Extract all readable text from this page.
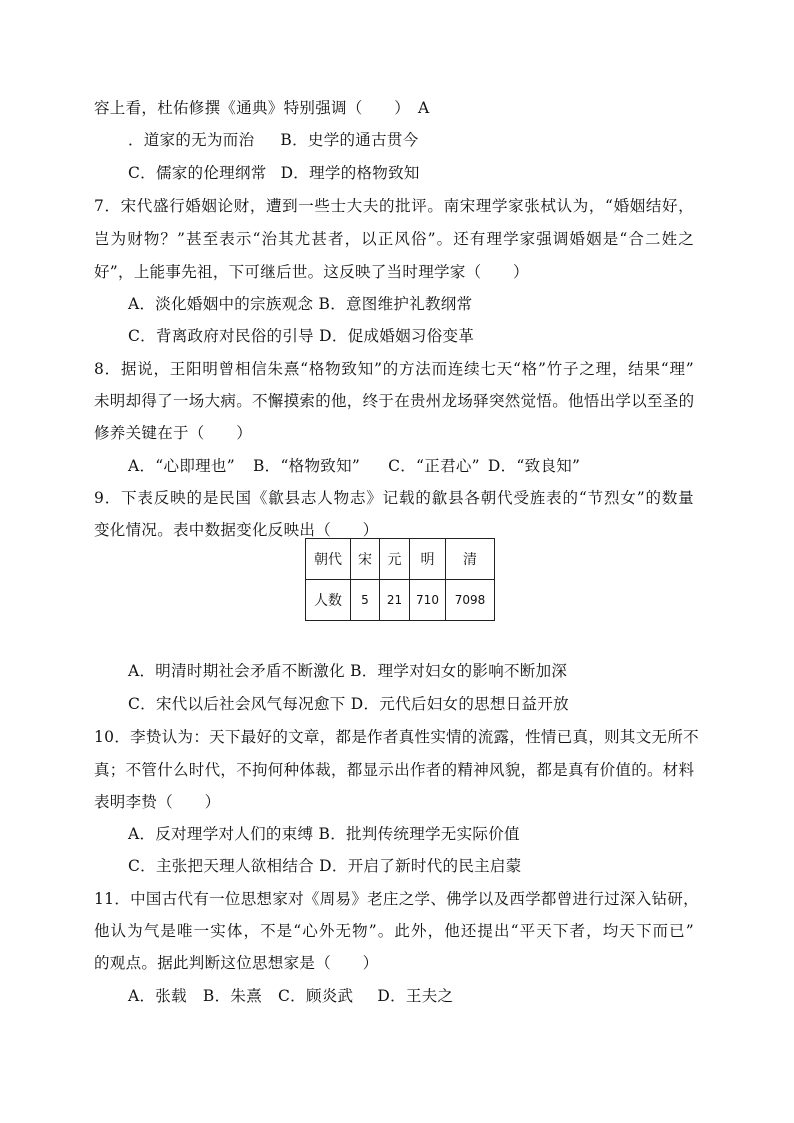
容上看，杜佑修撰《通典》特别强调（　　）　A
．道家的无为而治 B．史学的通古贯今
C．儒家的伦理纲常 D．理学的格物致知
7．宋代盛行婚姻论财，遭到一些士大夫的批评。南宋理学家张栻认为，“婚姻结好，
岂为财物？”甚至表示“治其尤甚者，以正风俗”。还有理学家强调婚姻是“合二姓之
好”，上能事先祖，下可继后世。这反映了当时理学家（　　）
A．淡化婚姻中的宗族观念 B．意图维护礼教纲常
C．背离政府对民俗的引导 D．促成婚姻习俗变革
8．据说，王阳明曾相信朱熹“格物致知”的方法而连续七天“格”竹子之理，结果“理”
未明却得了一场大病。不懈摸索的他，终于在贵州龙场驿突然觉悟。他悟出学以至圣的
修养关键在于（　　）
A．“心即理也” B．“格物致知” C．“正君心” D．“致良知”
9．下表反映的是民国《歙县志人物志》记载的歙县各朝代受旌表的“节烈女”的数量
变化情况。表中数据变化反映出（　　）
朝代	宋	元	明	清
人数	5	21	710	7098
A．明清时期社会矛盾不断激化 B．理学对妇女的影响不断加深
C．宋代以后社会风气每况愈下 D．元代后妇女的思想日益开放
10．李贽认为：天下最好的文章，都是作者真性实情的流露，性情已真，则其文无所不
真；不管什么时代，不拘何种体裁，都显示出作者的精神风貌，都是真有价值的。材料
表明李贽（　　）
A．反对理学对人们的束缚 B．批判传统理学无实际价值
C．主张把天理人欲相结合 D．开启了新时代的民主启蒙
11．中国古代有一位思想家对《周易》老庄之学、佛学以及西学都曾进行过深入钻研，
他认为气是唯一实体，不是“心外无物”。此外，他还提出“平天下者，均天下而已”
的观点。据此判断这位思想家是（　　）
A．张载 B．朱熹 C．顾炎武 D．王夫之
